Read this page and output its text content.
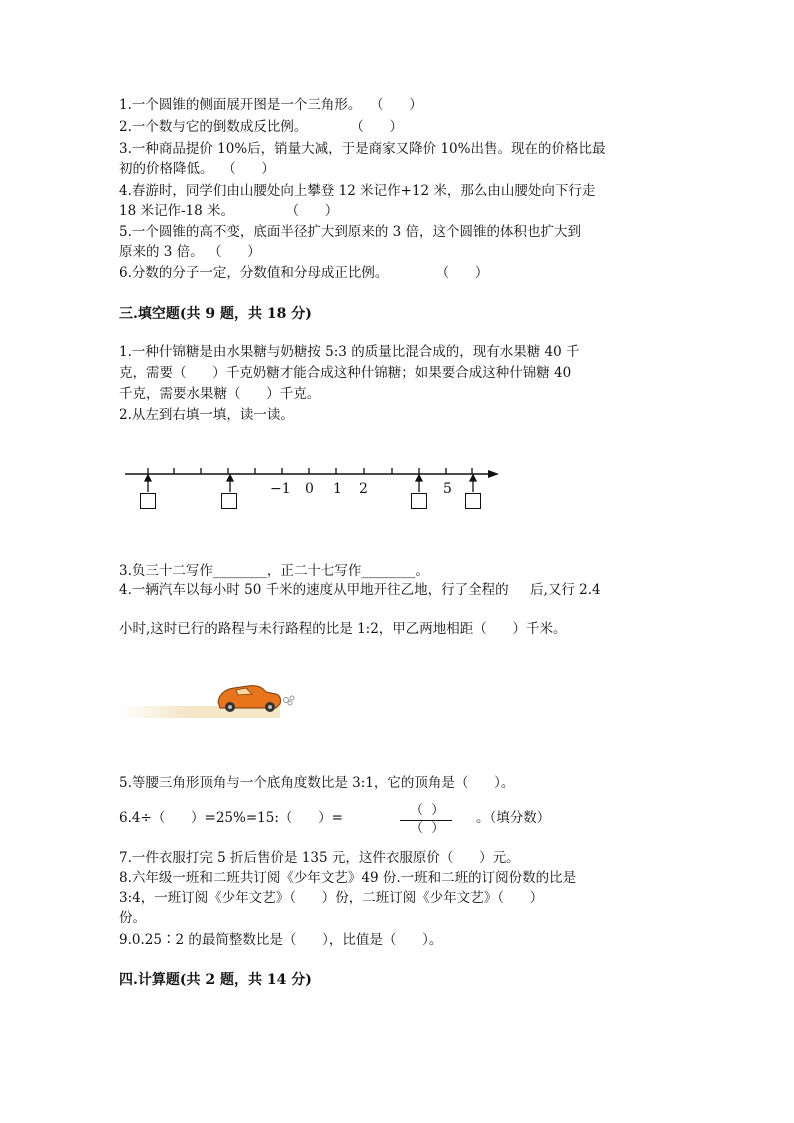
1.一个圆锥的侧面展开图是一个三角形。  （      ）
2.一个数与它的倒数成反比例。          （      ）
3.一种商品提价 10%后，销量大减，于是商家又降价 10%出售。现在的价格比最
初的价格降低。  （      ）
4.春游时，同学们由山腰处向上攀登 12 米记作+12 米，那么由山腰处向下行走
18 米记作-18 米。            （      ）
5.一个圆锥的高不变，底面半径扩大到原来的 3 倍，这个圆锥的体积也扩大到
原来的 3 倍。 （      ）
6.分数的分子一定，分数值和分母成正比例。           （      ）
三.填空题(共 9 题，共 18 分)
1.一种什锦糖是由水果糖与奶糖按 5:3 的质量比混合成的，现有水果糖 40 千
克，需要（      ）千克奶糖才能合成这种什锦糖；如果要合成这种什锦糖 40
千克，需要水果糖（      ）千克。
2.从左到右填一填，读一读。
−1 0 1 2	5
3.负三十二写作________，正二十七写作________。
4.一辆汽车以每小时 50 千米的速度从甲地开往乙地，行了全程的     后,又行 2.4
小时,这时已行的路程与未行路程的比是 1:2，甲乙两地相距（      ）千米。
5.等腰三角形顶角与一个底角度数比是 3:1，它的顶角是（      ）。
6.4÷（      ）=25%=15:（      ）=	（  ）
（  ）
。（填分数）
7.一件衣服打完 5 折后售价是 135 元，这件衣服原价（      ）元。
8.六年级一班和二班共订阅《少年文艺》49 份.一班和二班的订阅份数的比是
3:4，一班订阅《少年文艺》（      ）份，二班订阅《少年文艺》（      ）
份。
9.0.25∶2 的最简整数比是（      ），比值是（      ）。
四.计算题(共 2 题，共 14 分)
